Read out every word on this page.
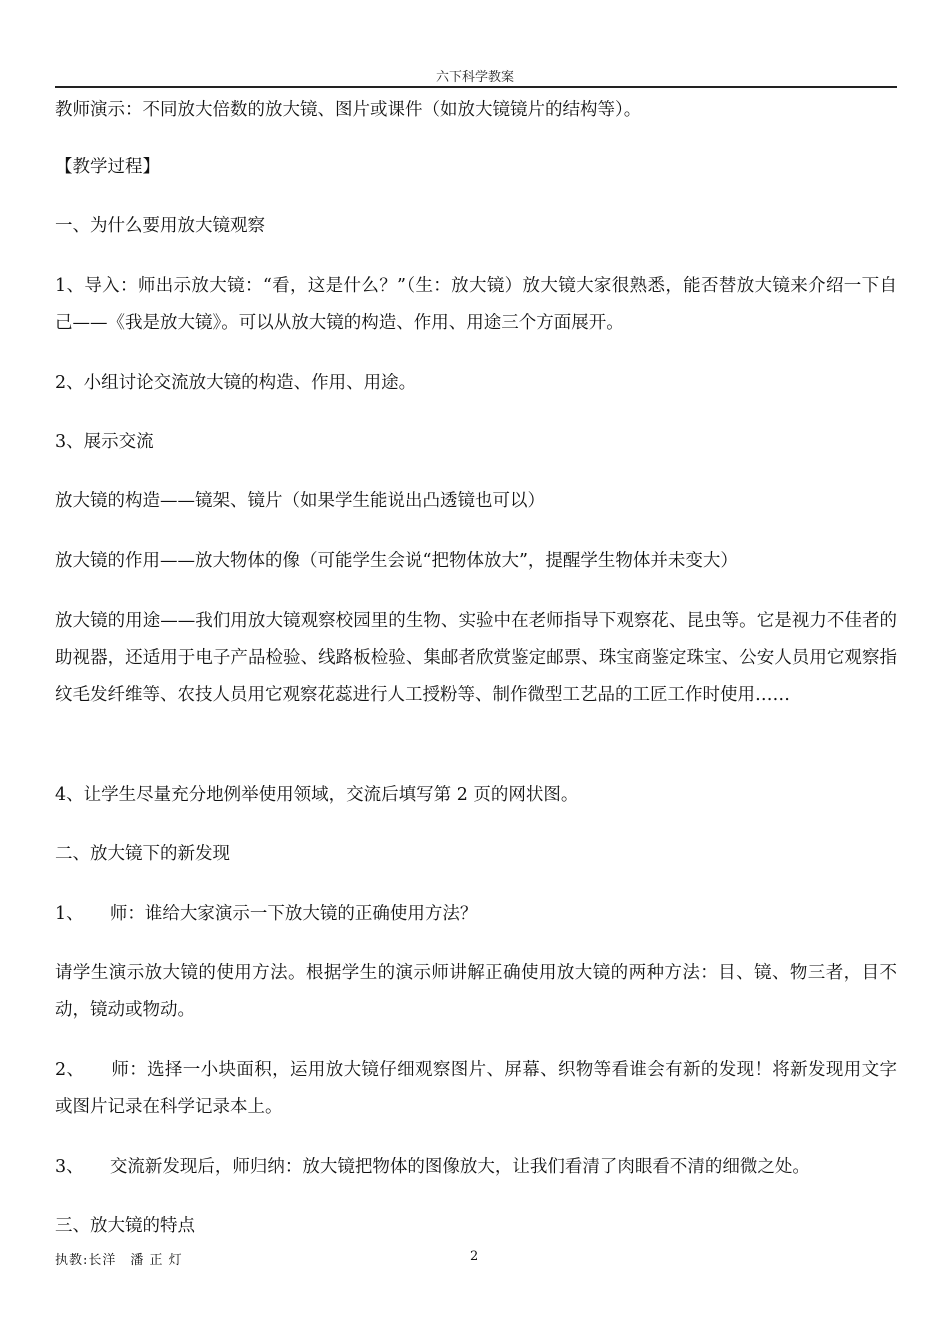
六下科学教案

教师演示：不同放大倍数的放大镜、图片或课件（如放大镜镜片的结构等）。

【教学过程】

一、为什么要用放大镜观察

1、导入：师出示放大镜：“看，这是什么？”（生：放大镜）放大镜大家很熟悉，能否替放大镜来介绍一下自己——《我是放大镜》。可以从放大镜的构造、作用、用途三个方面展开。

2、小组讨论交流放大镜的构造、作用、用途。

3、展示交流

放大镜的构造——镜架、镜片（如果学生能说出凸透镜也可以）

放大镜的作用——放大物体的像（可能学生会说“把物体放大”，提醒学生物体并未变大）

放大镜的用途——我们用放大镜观察校园里的生物、实验中在老师指导下观察花、昆虫等。它是视力不佳者的助视器，还适用于电子产品检验、线路板检验、集邮者欣赏鉴定邮票、珠宝商鉴定珠宝、公安人员用它观察指纹毛发纤维等、农技人员用它观察花蕊进行人工授粉等、制作微型工艺品的工匠工作时使用……

4、让学生尽量充分地例举使用领域，交流后填写第 2 页的网状图。

二、放大镜下的新发现

1、　　师：谁给大家演示一下放大镜的正确使用方法？

请学生演示放大镜的使用方法。根据学生的演示师讲解正确使用放大镜的两种方法：目、镜、物三者，目不动，镜动或物动。

2、　　师：选择一小块面积，运用放大镜仔细观察图片、屏幕、织物等看谁会有新的发现！将新发现用文字或图片记录在科学记录本上。

3、　　交流新发现后，师归纳：放大镜把物体的图像放大，让我们看清了肉眼看不清的细微之处。

三、放大镜的特点

执教:长洋　潘 正 灯	2
